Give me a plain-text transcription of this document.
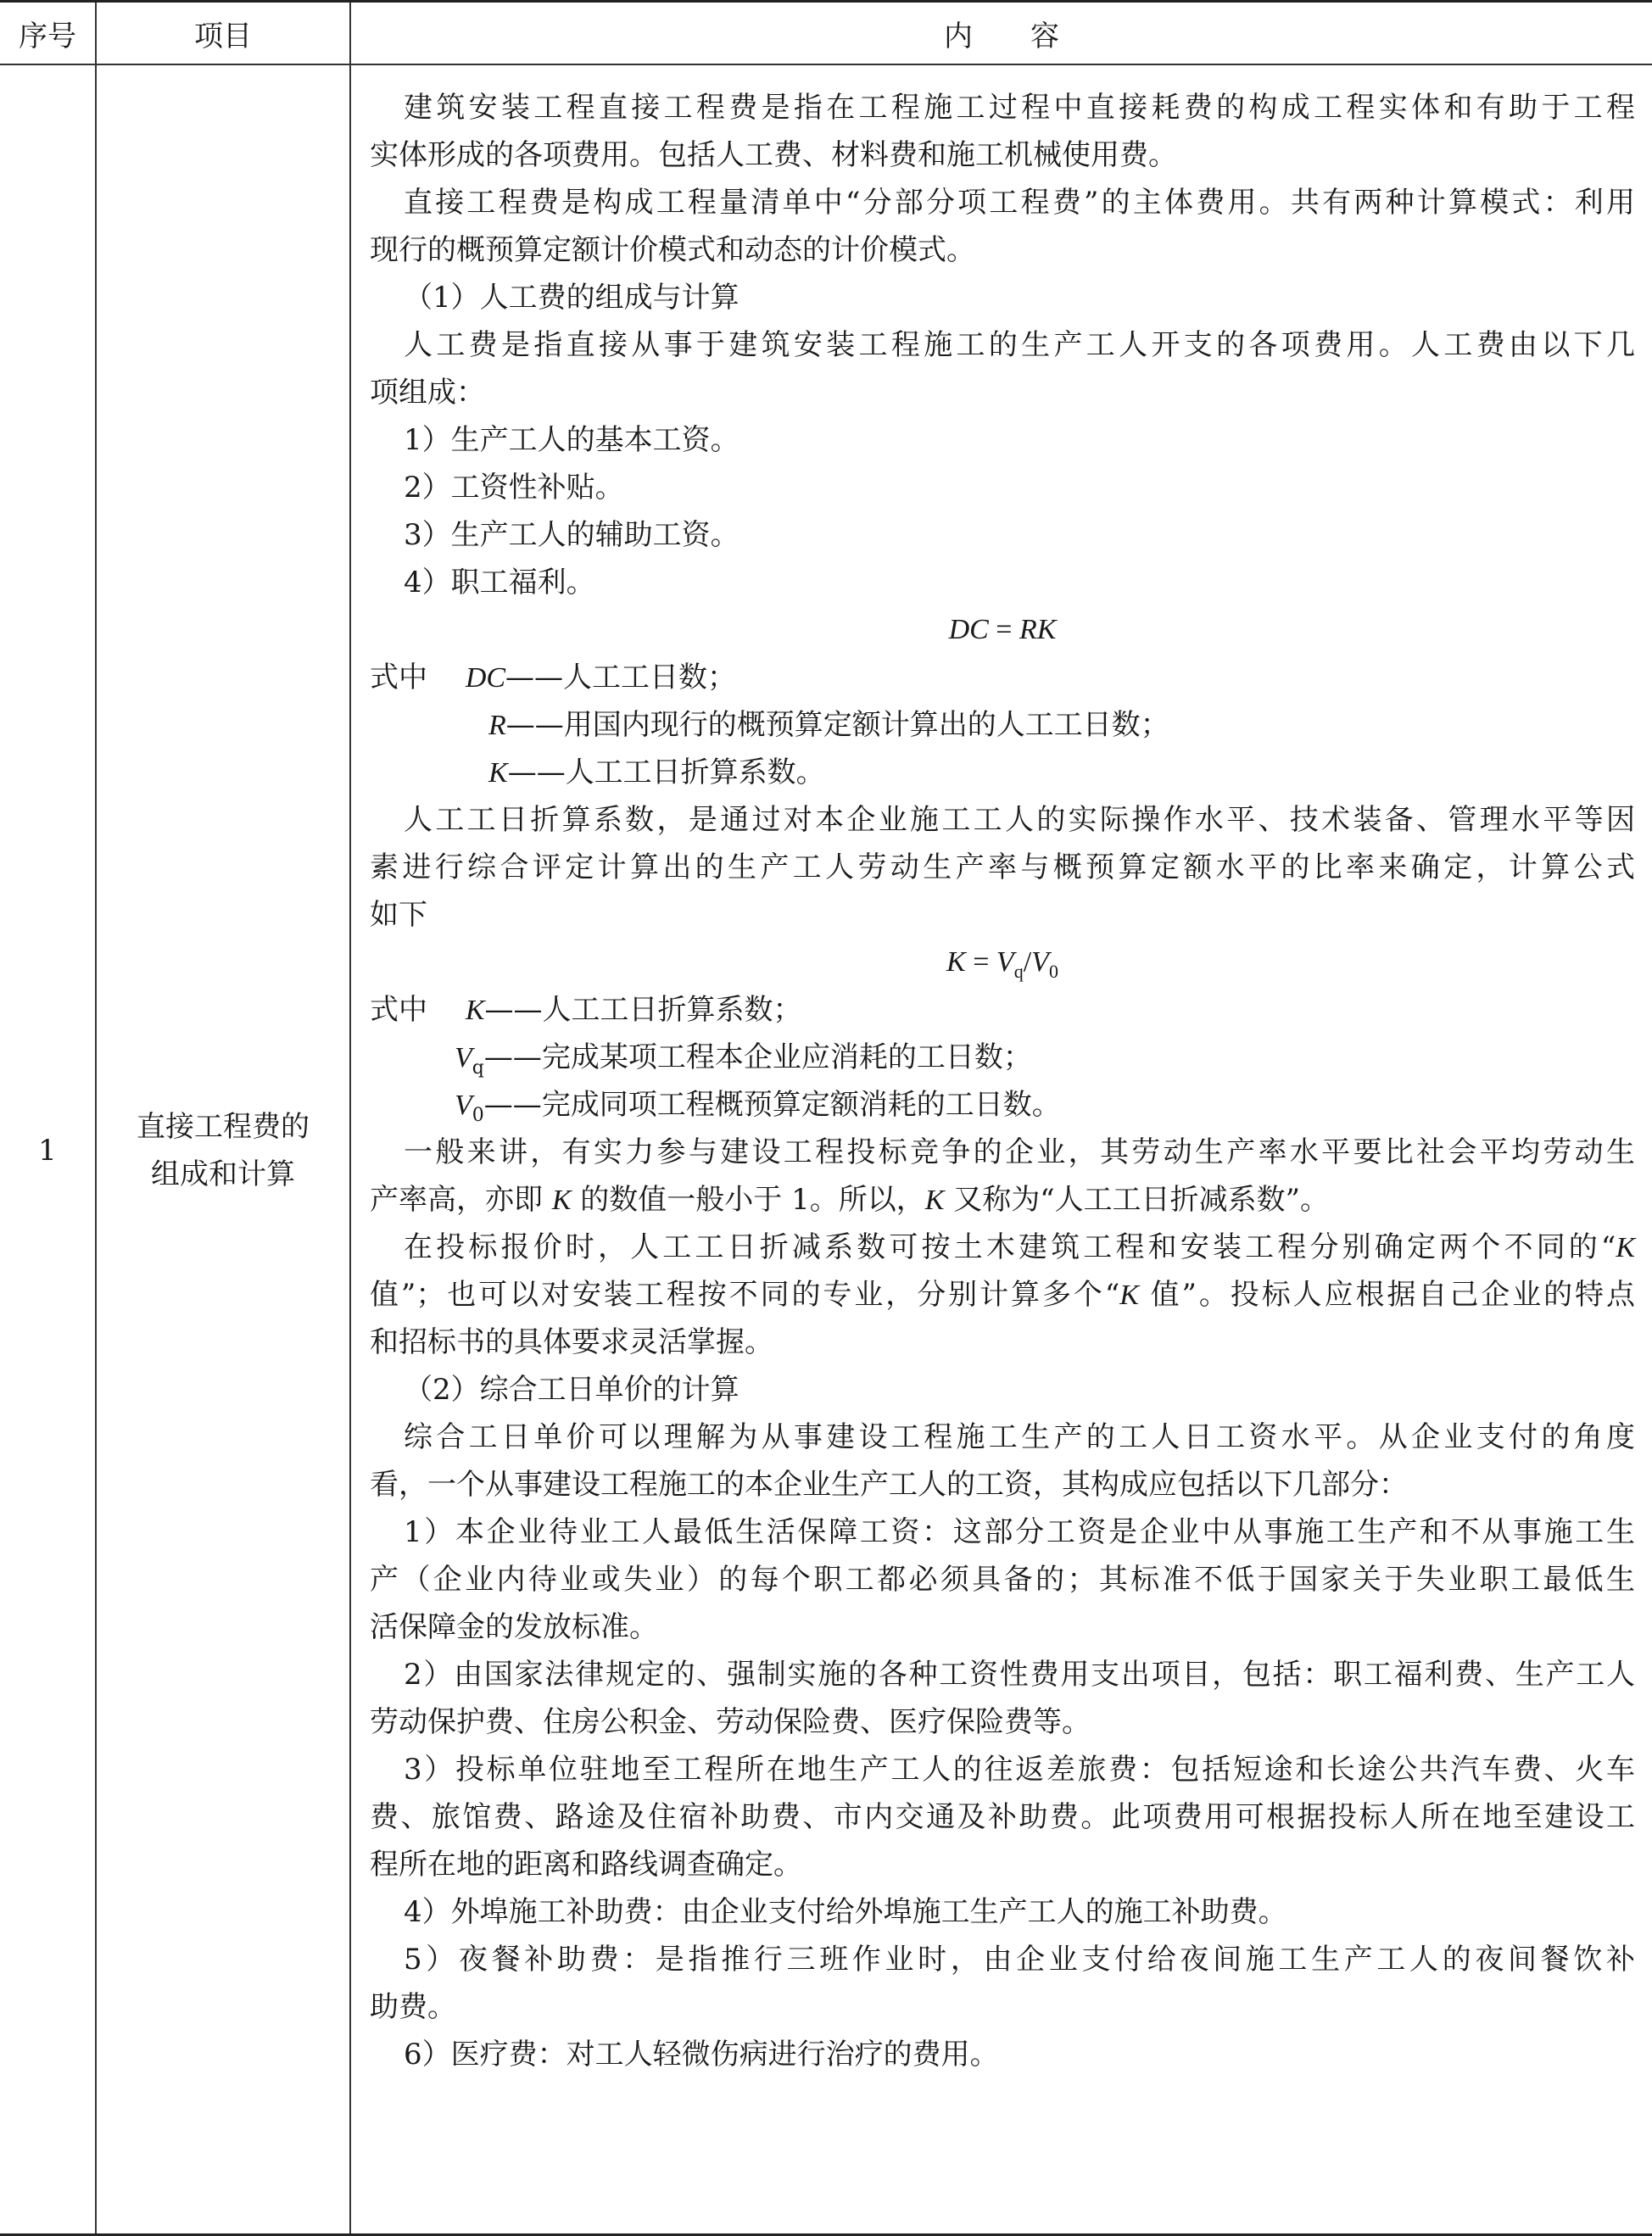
序号	项目	内　　容
1
直接工程费的
组成和计算
建筑安装工程直接工程费是指在工程施工过程中直接耗费的构成工程实体和有助于工程
实体形成的各项费用。包括人工费、材料费和施工机械使用费。
直接工程费是构成工程量清单中“分部分项工程费”的主体费用。共有两种计算模式：利用
现行的概预算定额计价模式和动态的计价模式。
（1）人工费的组成与计算
人工费是指直接从事于建筑安装工程施工的生产工人开支的各项费用。人工费由以下几
项组成：
1）生产工人的基本工资。
2）工资性补贴。
3）生产工人的辅助工资。
4）职工福利。
DC = RK
式中　 DC——人工工日数；
R——用国内现行的概预算定额计算出的人工工日数；
K——人工工日折算系数。
人工工日折算系数，是通过对本企业施工工人的实际操作水平、技术装备、管理水平等因
素进行综合评定计算出的生产工人劳动生产率与概预算定额水平的比率来确定，计算公式
如下
$K = V_q/V_0$
式中　 K——人工工日折算系数；
$V_q——$完成某项工程本企业应消耗的工日数；
$V_0——$完成同项工程概预算定额消耗的工日数。
一般来讲，有实力参与建设工程投标竞争的企业，其劳动生产率水平要比社会平均劳动生
产率高，亦即 K 的数值一般小于 1。所以，K 又称为“人工工日折减系数”。
在投标报价时，人工工日折减系数可按土木建筑工程和安装工程分别确定两个不同的“K
值”；也可以对安装工程按不同的专业，分别计算多个“K 值”。投标人应根据自己企业的特点
和招标书的具体要求灵活掌握。
（2）综合工日单价的计算
综合工日单价可以理解为从事建设工程施工生产的工人日工资水平。从企业支付的角度
看，一个从事建设工程施工的本企业生产工人的工资，其构成应包括以下几部分：
1）本企业待业工人最低生活保障工资：这部分工资是企业中从事施工生产和不从事施工生
产（企业内待业或失业）的每个职工都必须具备的；其标准不低于国家关于失业职工最低生
活保障金的发放标准。
2）由国家法律规定的、强制实施的各种工资性费用支出项目，包括：职工福利费、生产工人
劳动保护费、住房公积金、劳动保险费、医疗保险费等。
3）投标单位驻地至工程所在地生产工人的往返差旅费：包括短途和长途公共汽车费、火车
费、旅馆费、路途及住宿补助费、市内交通及补助费。此项费用可根据投标人所在地至建设工
程所在地的距离和路线调查确定。
4）外埠施工补助费：由企业支付给外埠施工生产工人的施工补助费。
5）夜餐补助费：是指推行三班作业时，由企业支付给夜间施工生产工人的夜间餐饮补
助费。
6）医疗费：对工人轻微伤病进行治疗的费用。
